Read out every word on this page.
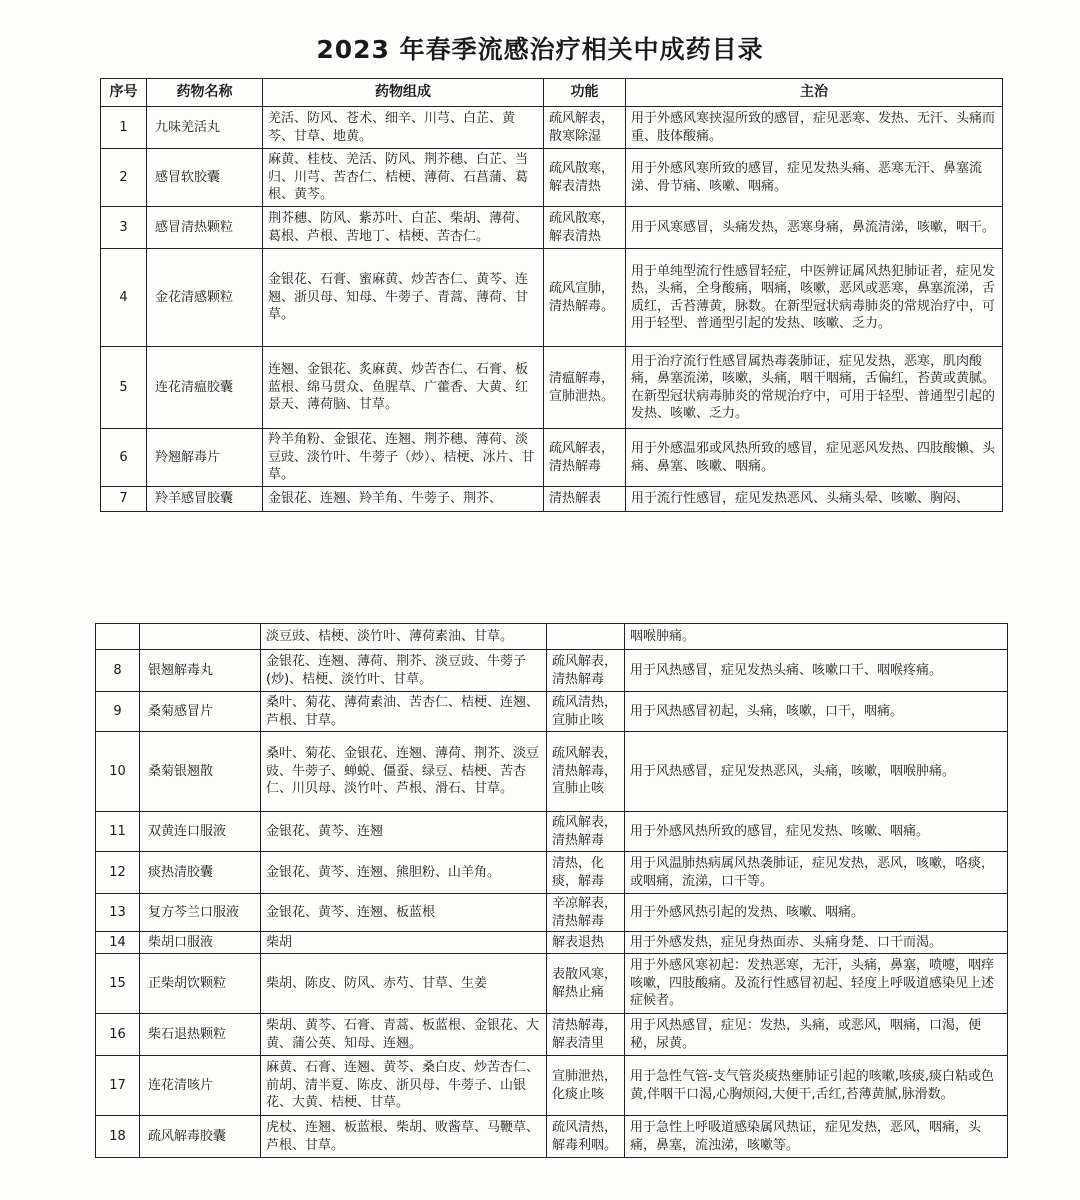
2023 年春季流感治疗相关中成药目录
序号	药物名称	药物组成	功能	主治
1	九味羌活丸	羌活、防风、苍术、细辛、川芎、白芷、黄芩、甘草、地黄。	疏风解表，散寒除湿	用于外感风寒挟湿所致的感冒，症见恶寒、发热、无汗、头痛而重、肢体酸痛。
2	感冒软胶囊	麻黄、桂枝、羌活、防风、荆芥穗、白芷、当归、川芎、苦杏仁、桔梗、薄荷、石菖蒲、葛根、黄芩。	疏风散寒，解表清热	用于外感风寒所致的感冒，症见发热头痛、恶寒无汗、鼻塞流涕、骨节痛、咳嗽、咽痛。
3	感冒清热颗粒	荆芥穗、防风、紫苏叶、白芷、柴胡、薄荷、葛根、芦根、苦地丁、桔梗、苦杏仁。	疏风散寒，解表清热	用于风寒感冒，头痛发热，恶寒身痛，鼻流清涕，咳嗽，咽干。
4	金花清感颗粒	金银花、石膏、蜜麻黄、炒苦杏仁、黄芩、连翘、浙贝母、知母、牛蒡子、青蒿、薄荷、甘草。	疏风宣肺，清热解毒。	用于单纯型流行性感冒轻症，中医辨证属风热犯肺证者，症见发热，头痛，全身酸痛，咽痛，咳嗽，恶风或恶寒，鼻塞流涕，舌质红，舌苔薄黄，脉数。在新型冠状病毒肺炎的常规治疗中，可用于轻型、普通型引起的发热、咳嗽、乏力。
5	连花清瘟胶囊	连翘、金银花、炙麻黄、炒苦杏仁、石膏、板蓝根、绵马贯众、鱼腥草、广藿香、大黄、红景天、薄荷脑、甘草。	清瘟解毒，宣肺泄热。	用于治疗流行性感冒属热毒袭肺证，症见发热，恶寒，肌肉酸痛，鼻塞流涕，咳嗽，头痛，咽干咽痛，舌偏红，苔黄或黄腻。在新型冠状病毒肺炎的常规治疗中，可用于轻型、普通型引起的发热、咳嗽、乏力。
6	羚翘解毒片	羚羊角粉、金银花、连翘、荆芥穗、薄荷、淡豆豉、淡竹叶、牛蒡子（炒）、桔梗、冰片、甘草。	疏风解表，清热解毒	用于外感温邪或风热所致的感冒，症见恶风发热、四肢酸懒、头痛、鼻塞、咳嗽、咽痛。
7	羚羊感冒胶囊	金银花、连翘、羚羊角、牛蒡子、荆芥、	清热解表	用于流行性感冒，症见发热恶风、头痛头晕、咳嗽、胸闷、
		淡豆豉、桔梗、淡竹叶、薄荷素油、甘草。		咽喉肿痛。
8	银翘解毒丸	金银花、连翘、薄荷、荆芥、淡豆豉、牛蒡子(炒)、桔梗、淡竹叶、甘草。	疏风解表，清热解毒	用于风热感冒，症见发热头痛、咳嗽口干、咽喉疼痛。
9	桑菊感冒片	桑叶、菊花、薄荷素油、苦杏仁、桔梗、连翘、芦根、甘草。	疏风清热，宣肺止咳	用于风热感冒初起，头痛，咳嗽，口干，咽痛。
10	桑菊银翘散	桑叶、菊花、金银花、连翘、薄荷、荆芥、淡豆豉、牛蒡子、蝉蜕、僵蚕、绿豆、桔梗、苦杏仁、川贝母、淡竹叶、芦根、滑石、甘草。	疏风解表，清热解毒，宣肺止咳	用于风热感冒，症见发热恶风，头痛，咳嗽，咽喉肿痛。
11	双黄连口服液	金银花、黄芩、连翘	疏风解表，清热解毒	用于外感风热所致的感冒，症见发热、咳嗽、咽痛。
12	痰热清胶囊	金银花、黄芩、连翘、熊胆粉、山羊角。	清热，化痰，解毒	用于风温肺热病属风热袭肺证，症见发热，恶风，咳嗽，咯痰，或咽痛，流涕，口干等。
13	复方芩兰口服液	金银花、黄芩、连翘、板蓝根	辛凉解表，清热解毒	用于外感风热引起的发热、咳嗽、咽痛。
14	柴胡口服液	柴胡	解表退热	用于外感发热，症见身热面赤、头痛身楚、口干而渴。
15	正柴胡饮颗粒	柴胡、陈皮、防风、赤芍、甘草、生姜	表散风寒，解热止痛	用于外感风寒初起：发热恶寒，无汗，头痛，鼻塞，喷嚏，咽痒咳嗽，四肢酸痛。及流行性感冒初起、轻度上呼吸道感染见上述症候者。
16	柴石退热颗粒	柴胡、黄芩、石膏、青蒿、板蓝根、金银花、大黄、蒲公英、知母、连翘。	清热解毒，解表清里	用于风热感冒，症见：发热，头痛，或恶风，咽痛，口渴，便秘，尿黄。
17	连花清咳片	麻黄、石膏、连翘、黄芩、桑白皮、炒苦杏仁、前胡、清半夏、陈皮、浙贝母、牛蒡子、山银花、大黄、桔梗、甘草。	宣肺泄热，化痰止咳	用于急性气管-支气管炎痰热壅肺证引起的咳嗽,咳痰,痰白粘或色黄,伴咽干口渴,心胸烦闷,大便干,舌红,苔薄黄腻,脉滑数。
18	疏风解毒胶囊	虎杖、连翘、板蓝根、柴胡、败酱草、马鞭草、芦根、甘草。	疏风清热，解毒利咽。	用于急性上呼吸道感染属风热证，症见发热，恶风，咽痛，头痛，鼻塞，流浊涕，咳嗽等。
